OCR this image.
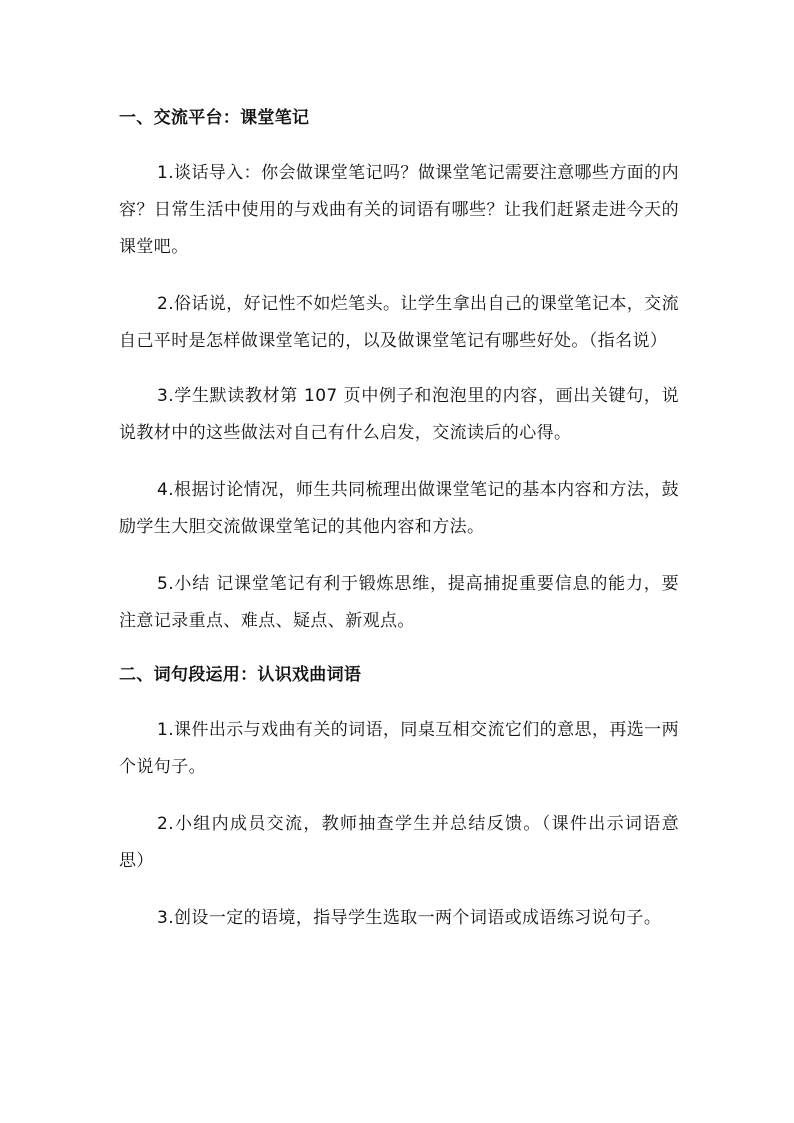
一、交流平台：课堂笔记

1.谈话导入：你会做课堂笔记吗？做课堂笔记需要注意哪些方面的内容？日常生活中使用的与戏曲有关的词语有哪些？让我们赶紧走进今天的课堂吧。

2.俗话说，好记性不如烂笔头。让学生拿出自己的课堂笔记本，交流自己平时是怎样做课堂笔记的，以及做课堂笔记有哪些好处。（指名说）

3.学生默读教材第 107 页中例子和泡泡里的内容，画出关键句，说说教材中的这些做法对自己有什么启发，交流读后的心得。

4.根据讨论情况，师生共同梳理出做课堂笔记的基本内容和方法，鼓励学生大胆交流做课堂笔记的其他内容和方法。

5.小结 记课堂笔记有利于锻炼思维，提高捕捉重要信息的能力，要注意记录重点、难点、疑点、新观点。

二、词句段运用：认识戏曲词语

1.课件出示与戏曲有关的词语，同桌互相交流它们的意思，再选一两个说句子。

2.小组内成员交流，教师抽查学生并总结反馈。（课件出示词语意思）

3.创设一定的语境，指导学生选取一两个词语或成语练习说句子。
